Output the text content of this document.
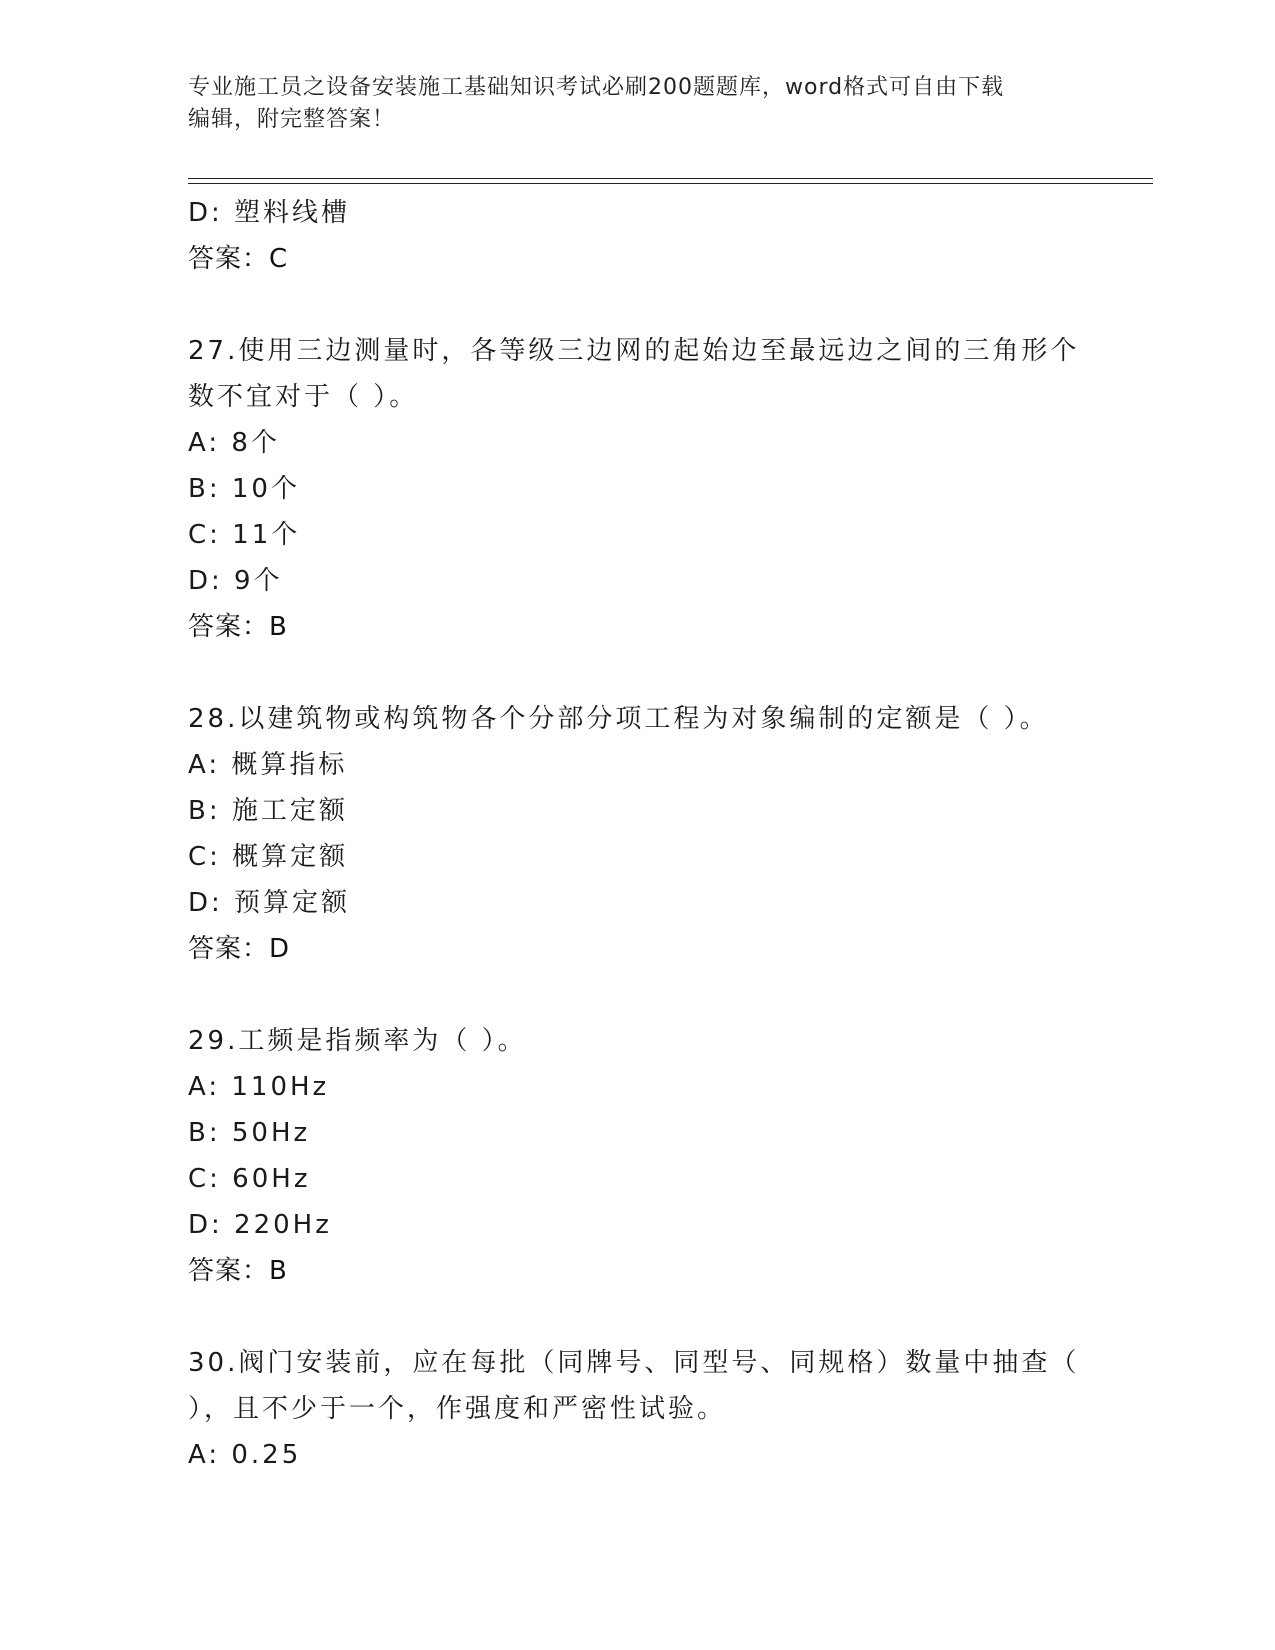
专业施工员之设备安装施工基础知识考试必刷200题题库，word格式可自由下载
编辑，附完整答案！
D: 塑料线槽
答案：C
27.使用三边测量时，各等级三边网的起始边至最远边之间的三角形个
数不宜对于（ ）。
A: 8个
B: 10个
C: 11个
D: 9个
答案：B
28.以建筑物或构筑物各个分部分项工程为对象编制的定额是（ ）。
A: 概算指标
B: 施工定额
C: 概算定额
D: 预算定额
答案：D
29.工频是指频率为（ ）。
A: 110Hz
B: 50Hz
C: 60Hz
D: 220Hz
答案：B
30.阀门安装前，应在每批（同牌号、同型号、同规格）数量中抽查（
），且不少于一个，作强度和严密性试验。
A: 0.25
